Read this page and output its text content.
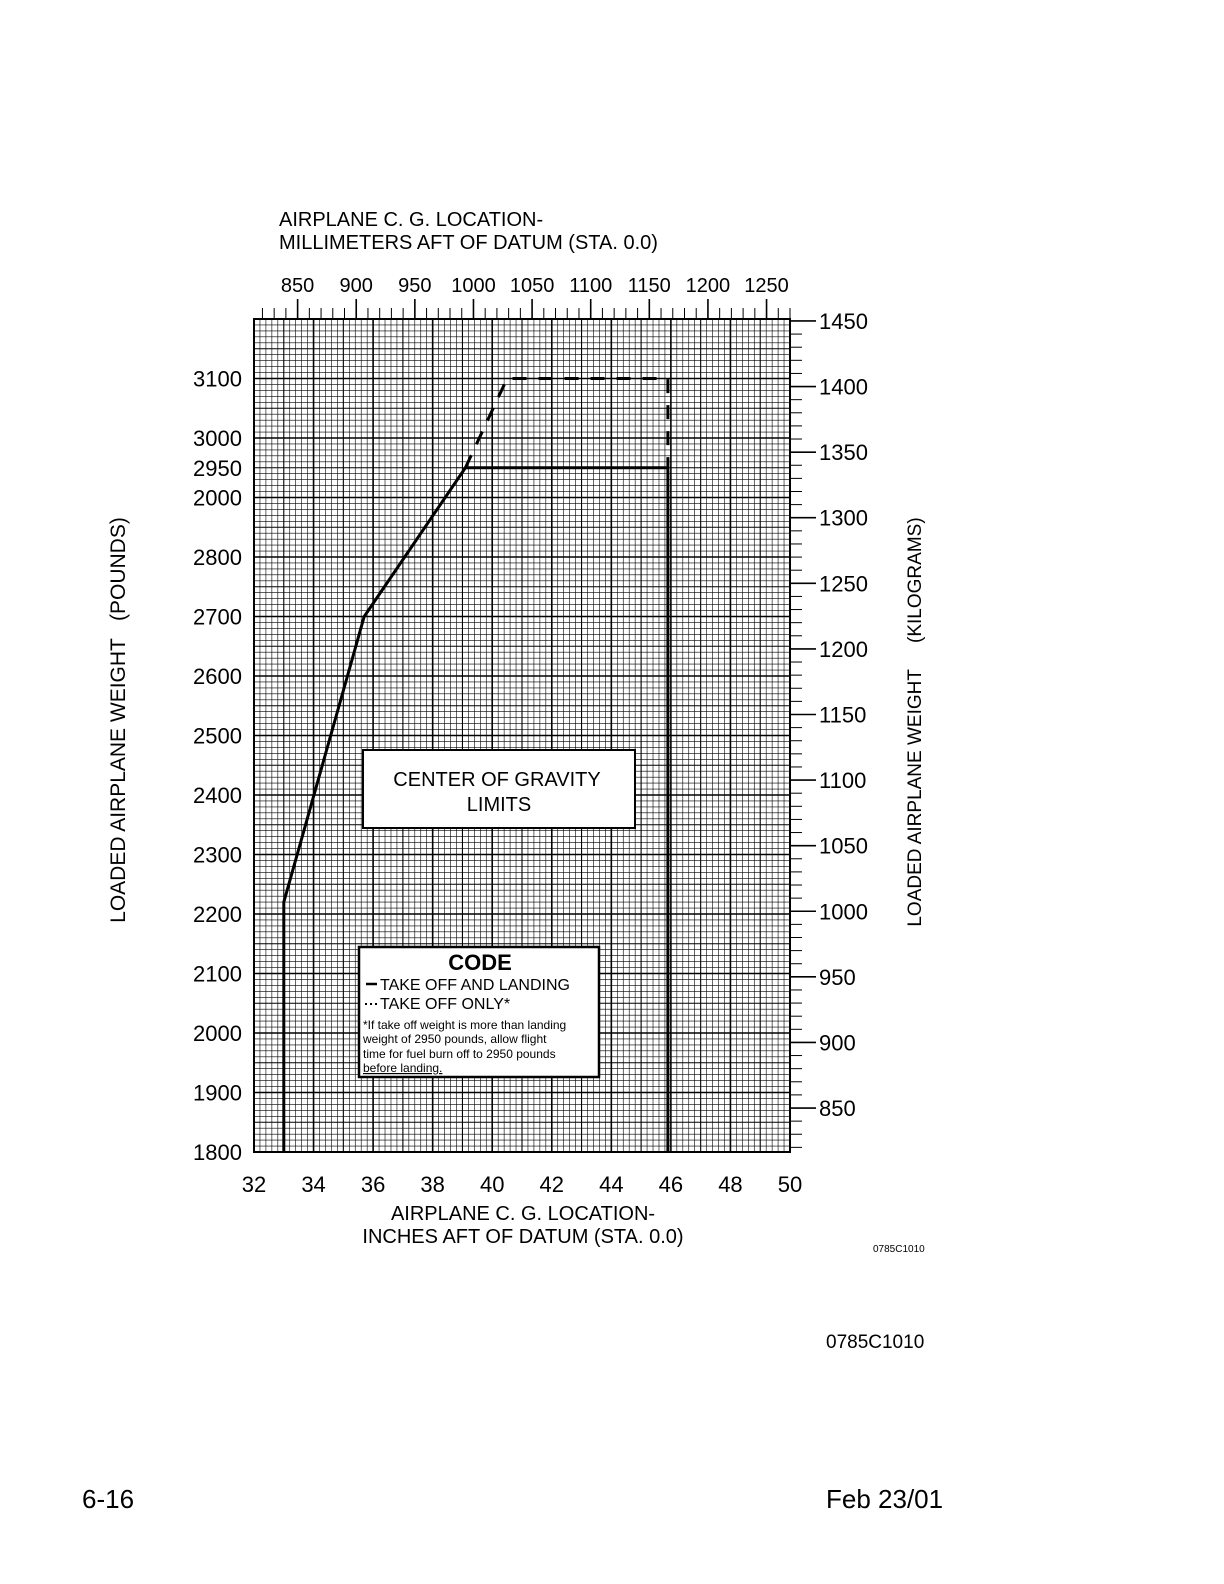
32 34 36 38 40 42 44 46 48 50
850 900 950 1000 1050 1100 1150 1200 1250
1800
1900
2000
2100
2200
2300
2400
2500
2600
2700
2800
2000
2950
3000
3100
850
900
950
1000
1050
1100
1150
1200
1250
1300
1350
1400
1450
AIRPLANE C. G. LOCATION-
MILLIMETERS AFT OF DATUM (STA. 0.0)
AIRPLANE C. G. LOCATION-
INCHES AFT OF DATUM (STA. 0.0)
LOADED AIRPLANE WEIGHT   (POUNDS)	LOADED AIRPLANE WEIGHT     (KILOGRAMS)
CENTER OF GRAVITY
LIMITS
CODE
TAKE OFF AND LANDING
TAKE OFF ONLY*
*If take off weight is more than landing
weight of 2950 pounds, allow flight
time for fuel burn off to 2950 pounds
before landing.
0785C1010
0785C1010
6-16	Feb 23/01
